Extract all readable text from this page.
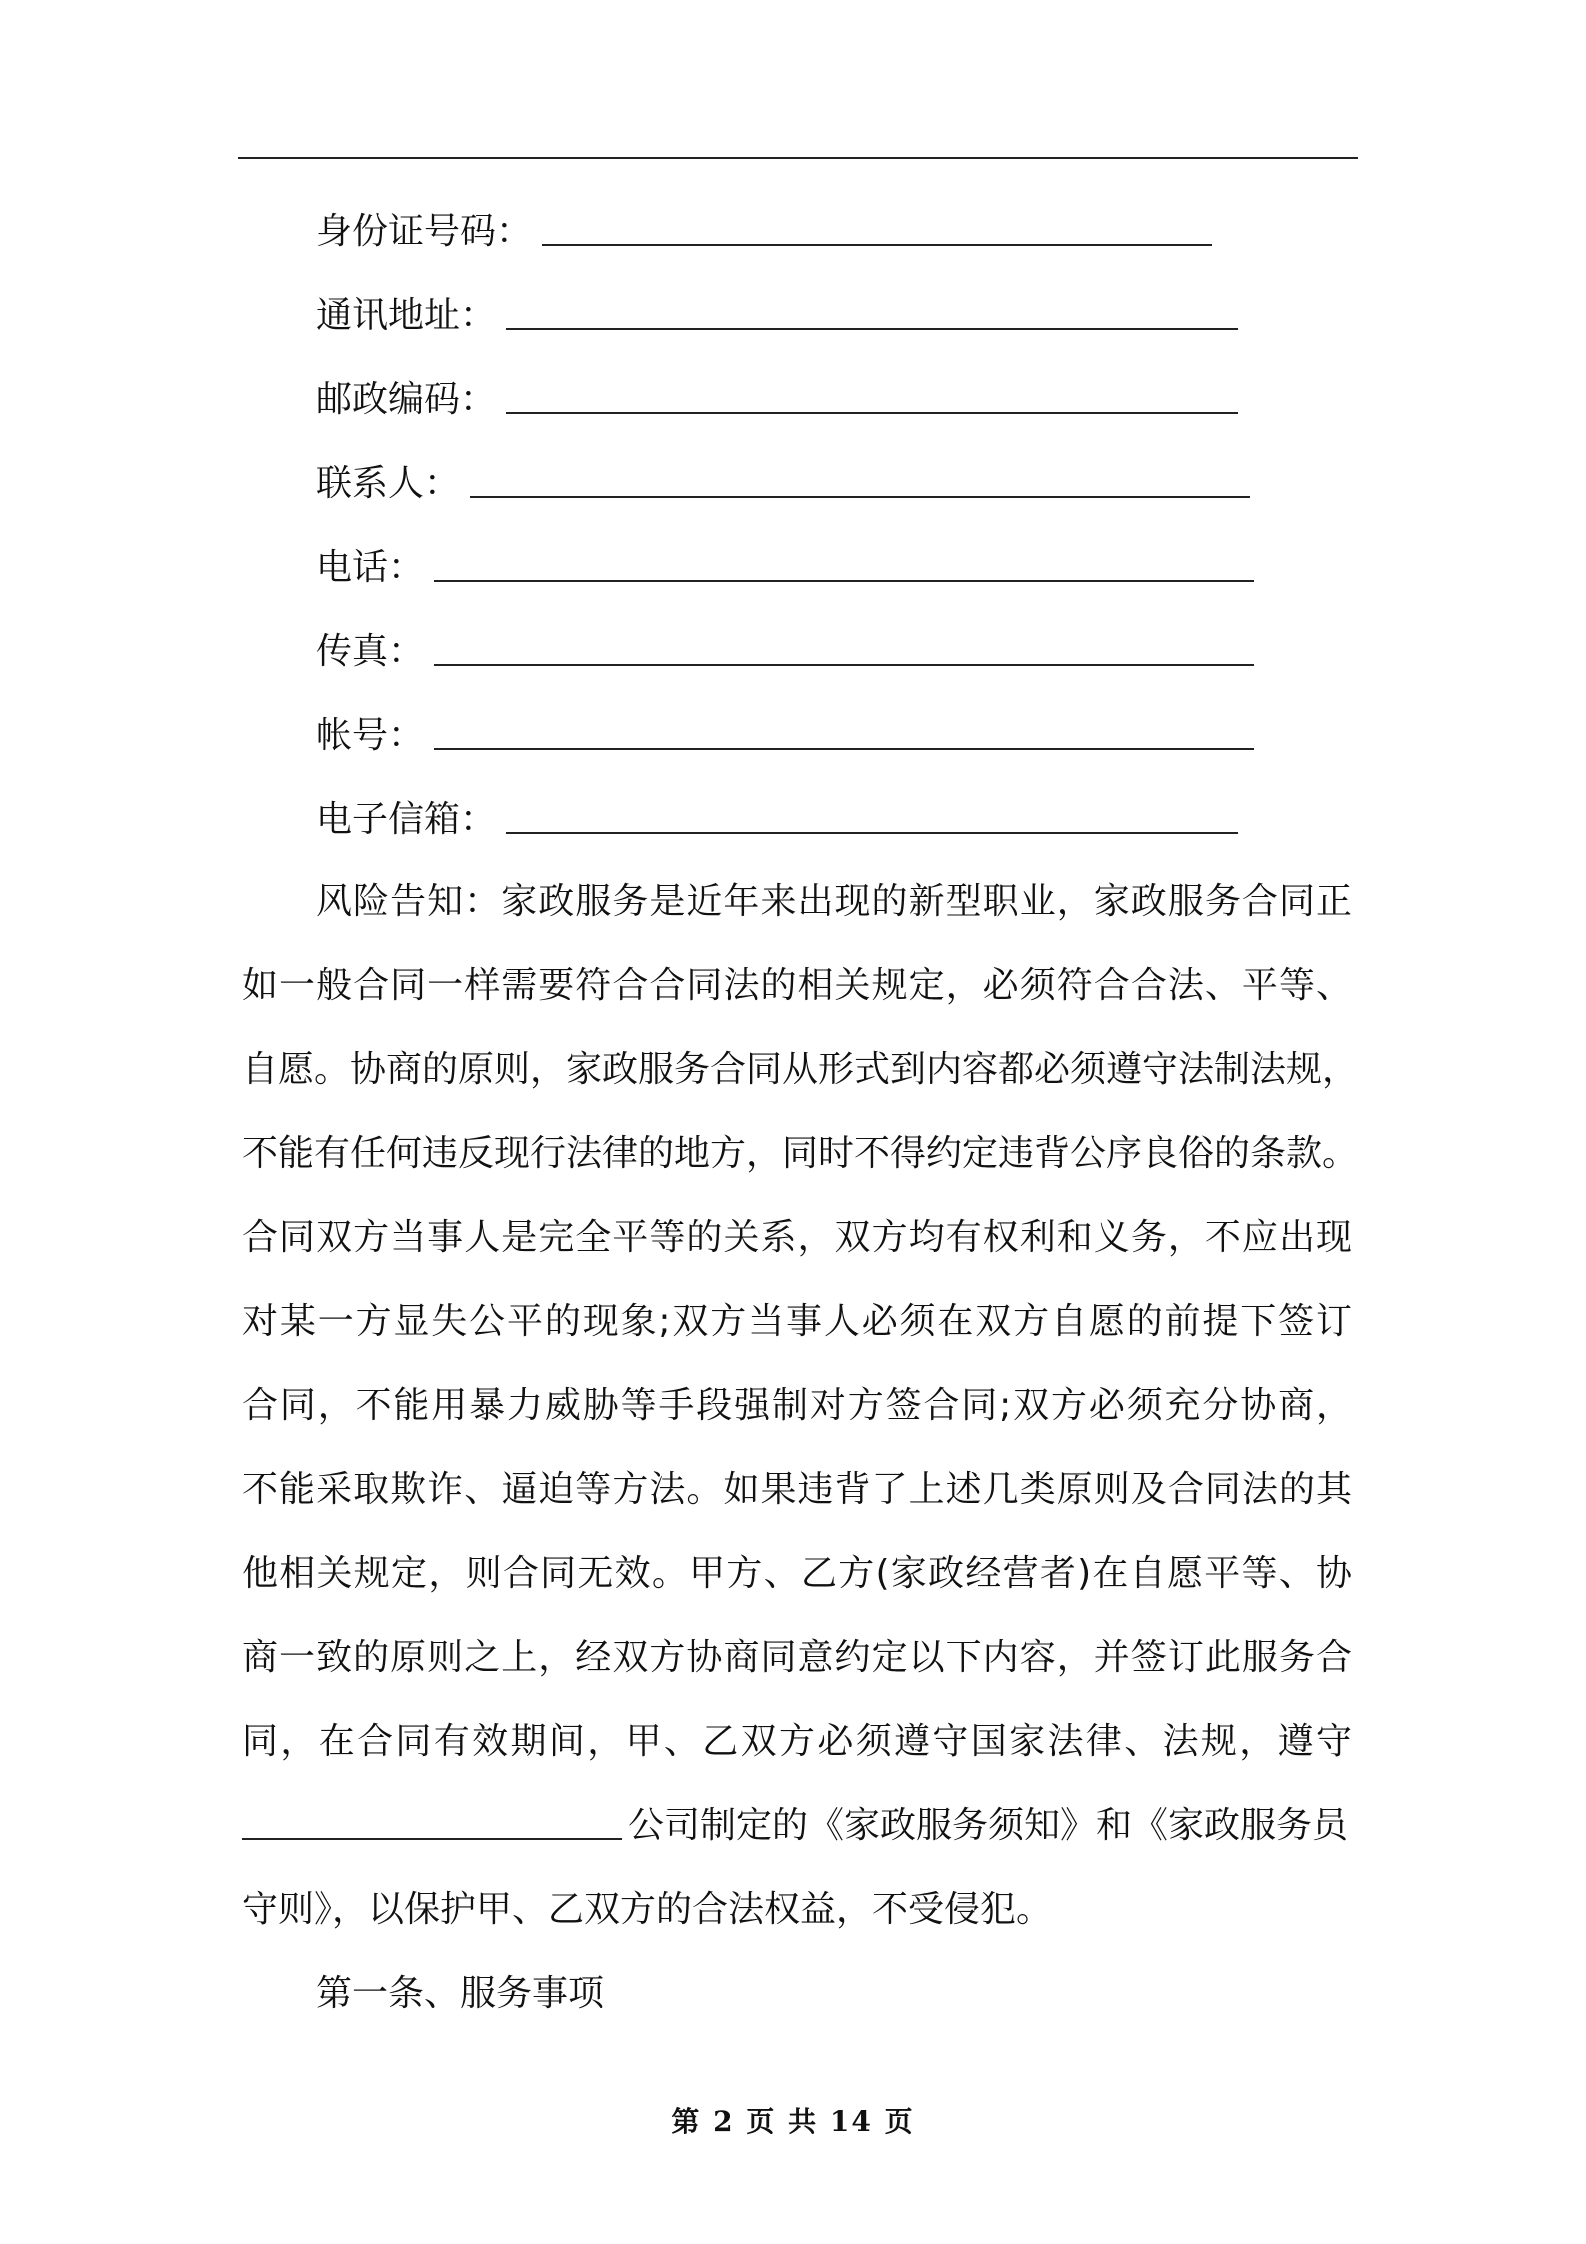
身份证号码：
通讯地址：
邮政编码：
联系人：
电话：
传真：
帐号：
电子信箱：
风险告知：家政服务是近年来出现的新型职业，家政服务合同正
如一般合同一样需要符合合同法的相关规定，必须符合合法、平等、
自愿。协商的原则，家政服务合同从形式到内容都必须遵守法制法规，
不能有任何违反现行法律的地方，同时不得约定违背公序良俗的条款。
合同双方当事人是完全平等的关系，双方均有权利和义务，不应出现
对某一方显失公平的现象;双方当事人必须在双方自愿的前提下签订
合同，不能用暴力威胁等手段强制对方签合同;双方必须充分协商，
不能采取欺诈、逼迫等方法。如果违背了上述几类原则及合同法的其
他相关规定，则合同无效。甲方、乙方(家政经营者)在自愿平等、协
商一致的原则之上，经双方协商同意约定以下内容，并签订此服务合
同，在合同有效期间，甲、乙双方必须遵守国家法律、法规，遵守
公司制定的《家政服务须知》和《家政服务员
守则》，以保护甲、乙双方的合法权益，不受侵犯。
第一条、服务事项
第 2 页 共 14 页
